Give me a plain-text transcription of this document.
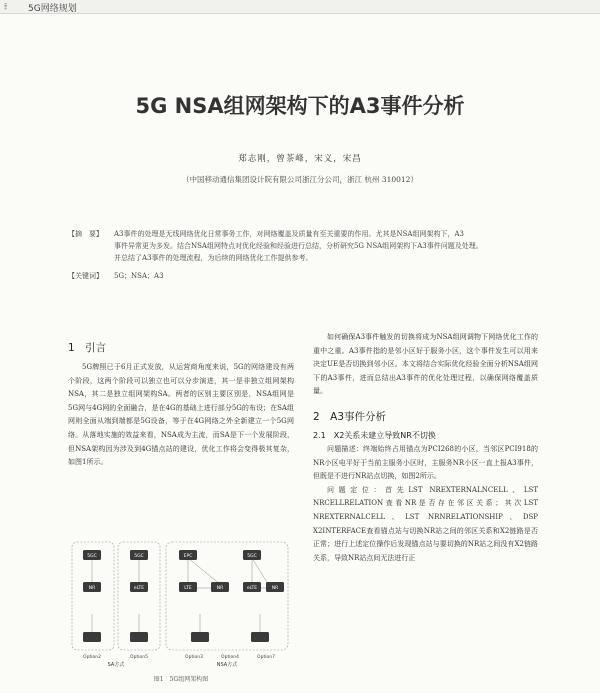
⦙⦙⦙ 5G网络规划
5G NSA组网架构下的A3事件分析
郑志刚，曾茶峰，宋义，宋昌
（中国移动通信集团设计院有限公司浙江分公司，浙江 杭州 310012）
【摘　要】	A3事件的处理是无线网络优化日常事务工作，对网络覆盖及质量有至关重要的作用。尤其是NSA组网架构下，A3
事件异常更为多发。结合NSA组网特点对优化经验和经验进行总结，分析研究5G NSA组网架构下A3事件问题及处理。
并总结了A3事件的处理流程，为后续的网络优化工作提供参考。
【关键词】	5G；NSA；A3
1　引言

5G牌照已于6月正式发放，从运营商角度来说，5G的网络建设有两个阶段，这两个阶段可以独立也可以分步演进，其一是非独立组网架构NSA，其二是独立组网架构SA。两者的区别主要区别是，NSA组网是5G网与4G网的全面融合，是在4G的基础上进行部分5G的布设；在SA组网则全面从端到端都是5G设备，等于在4G网络之外全新建立一个5G网络。从落地实施的效益来看，NSA成为主流，而SA是下一个发展阶段，但NSA架构因为涉及到4G锚点站的建设，优化工作将会变得极其复杂，如图1所示。

5GC	5GC	EPC	5GC
NR	eLTE	LTE	NR	eLTE	NR
Option2	Option5	Option3	Option4	Option7
SA方式	NSA方式
图1　5G组网架构图

如何确保A3事件触发的切换将成为NSA组网调物下网络优化工作的重中之重。A3事件指的是邻小区好于服务小区，这个事件发生可以用来决定UE是否切换到邻小区。本文将结合实际优化经验全面分析NSA组网下的A3事件，进而总结出A3事件的优化处理过程，以确保网络覆盖质量。

2　A3事件分析
2.1　X2关系未建立导致NR不切换

问题描述：终端始终占用锚点为PCI268的小区，当邻区PCI918的NR小区电平好于当前主服务小区时，主服务NR小区一直上报A3事件，但既是不进行NR站点切换，如图2所示。

问题定位：首先LST NREXTERNALNCELL、LST NRCELLRELATION查看NR是否存在邻区关系；其次LST NREXTERNALCELL、LST NRNRELATIONSHIP、DSP X2INTERFACE查看锚点站与切换NR站之间的邻区关系和X2链路是否正常；进行上述定位操作后发现锚点站与要切换的NR站之间没有X2链路关系，导致NR站点间无法进行正
